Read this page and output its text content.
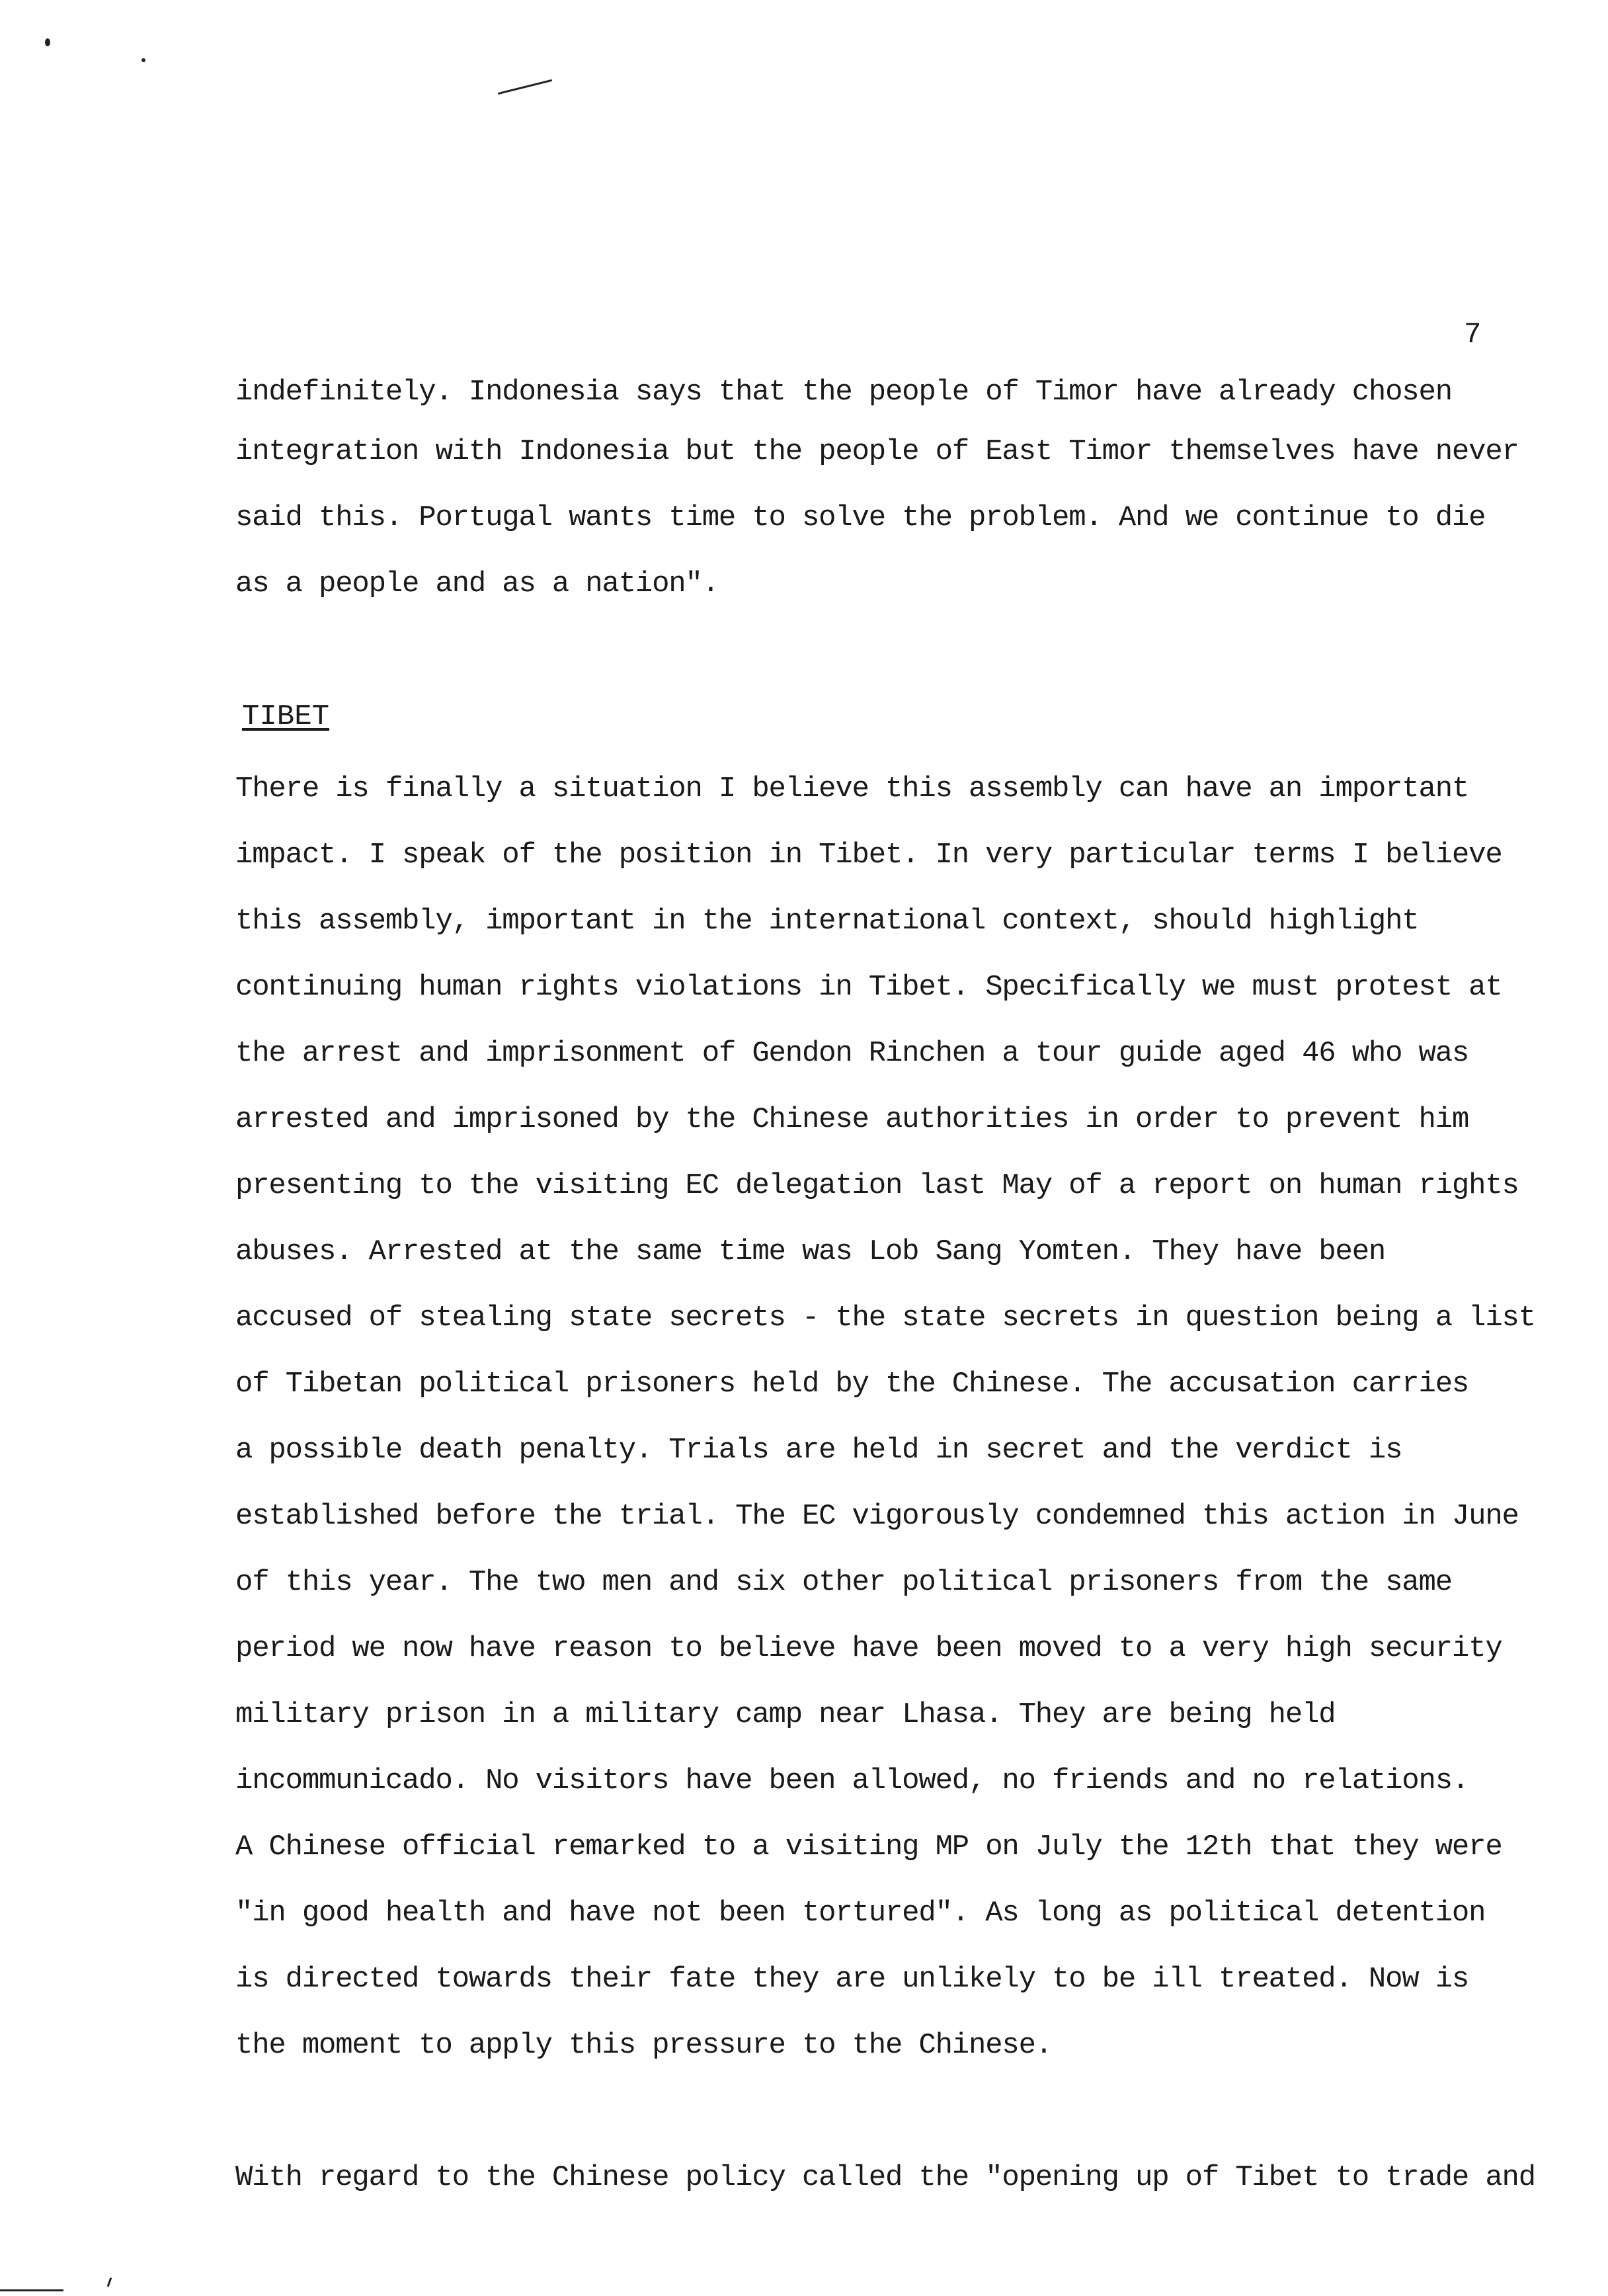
7
indefinitely. Indonesia says that the people of Timor have already chosen
integration with Indonesia but the people of East Timor themselves have never
said this. Portugal wants time to solve the problem. And we continue to die
as a people and as a nation".
TIBET
There is finally a situation I believe this assembly can have an important
impact. I speak of the position in Tibet. In very particular terms I believe
this assembly, important in the international context, should highlight
continuing human rights violations in Tibet. Specifically we must protest at
the arrest and imprisonment of Gendon Rinchen a tour guide aged 46 who was
arrested and imprisoned by the Chinese authorities in order to prevent him
presenting to the visiting EC delegation last May of a report on human rights
abuses. Arrested at the same time was Lob Sang Yomten. They have been
accused of stealing state secrets - the state secrets in question being a list
of Tibetan political prisoners held by the Chinese. The accusation carries
a possible death penalty. Trials are held in secret and the verdict is
established before the trial. The EC vigorously condemned this action in June
of this year. The two men and six other political prisoners from the same
period we now have reason to believe have been moved to a very high security
military prison in a military camp near Lhasa. They are being held
incommunicado. No visitors have been allowed, no friends and no relations.
A Chinese official remarked to a visiting MP on July the 12th that they were
"in good health and have not been tortured". As long as political detention
is directed towards their fate they are unlikely to be ill treated. Now is
the moment to apply this pressure to the Chinese.
With regard to the Chinese policy called the "opening up of Tibet to trade and
